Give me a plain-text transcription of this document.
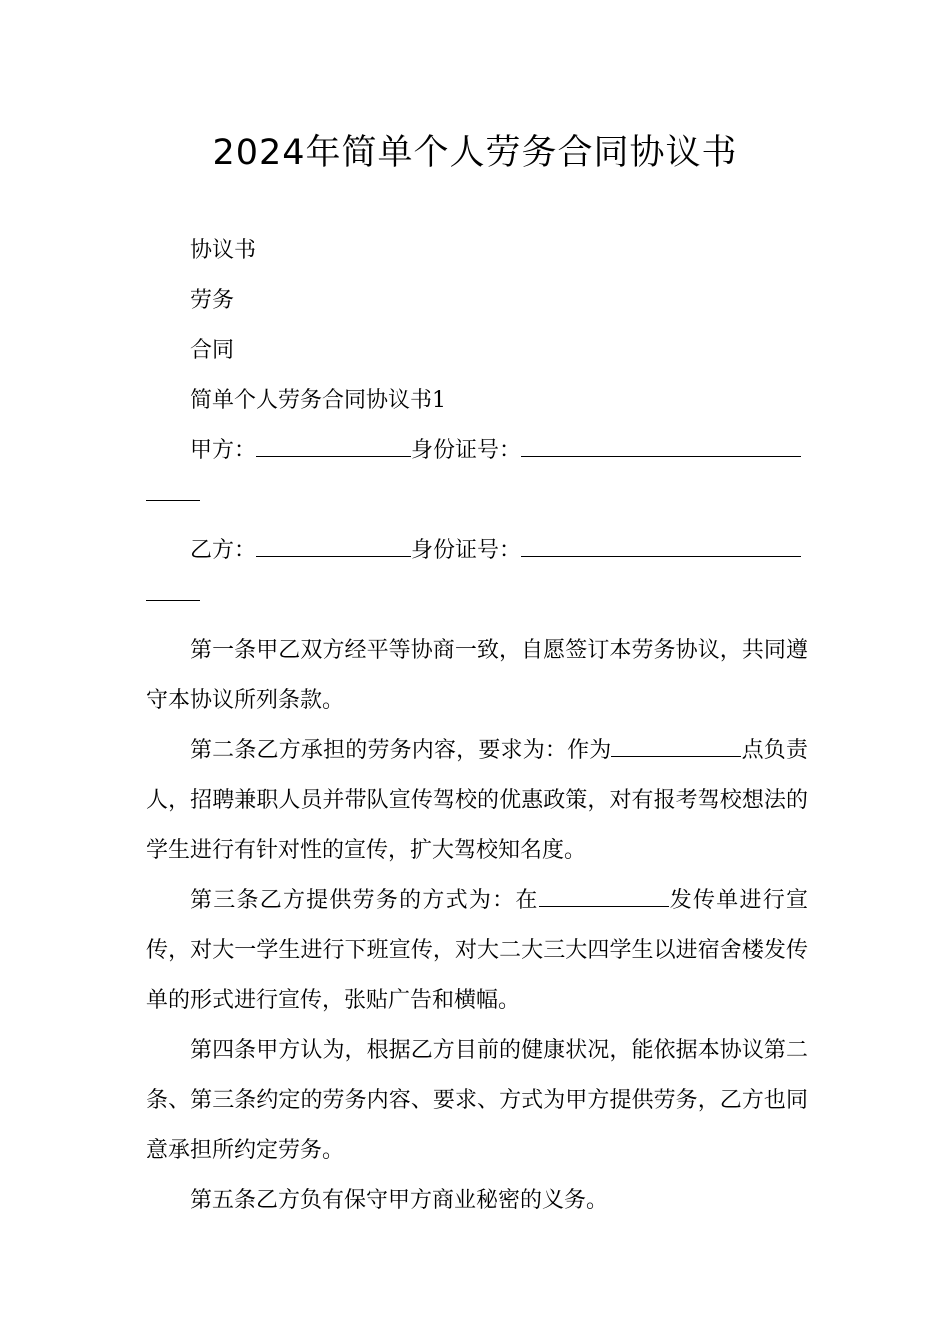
2024年简单个人劳务合同协议书

协议书

劳务

合同

简单个人劳务合同协议书1

甲方：	身份证号：
乙方：	身份证号：

第一条甲乙双方经平等协商一致，自愿签订本劳务协议，共同遵守本协议所列条款。

第二条乙方承担的劳务内容，要求为：作为	点负责人，招聘兼职人员并带队宣传驾校的优惠政策，对有报考驾校想法的学生进行有针对性的宣传，扩大驾校知名度。

第三条乙方提供劳务的方式为：在	发传单进行宣传，对大一学生进行下班宣传，对大二大三大四学生以进宿舍楼发传单的形式进行宣传，张贴广告和横幅。

第四条甲方认为，根据乙方目前的健康状况，能依据本协议第二条、第三条约定的劳务内容、要求、方式为甲方提供劳务，乙方也同意承担所约定劳务。

第五条乙方负有保守甲方商业秘密的义务。
